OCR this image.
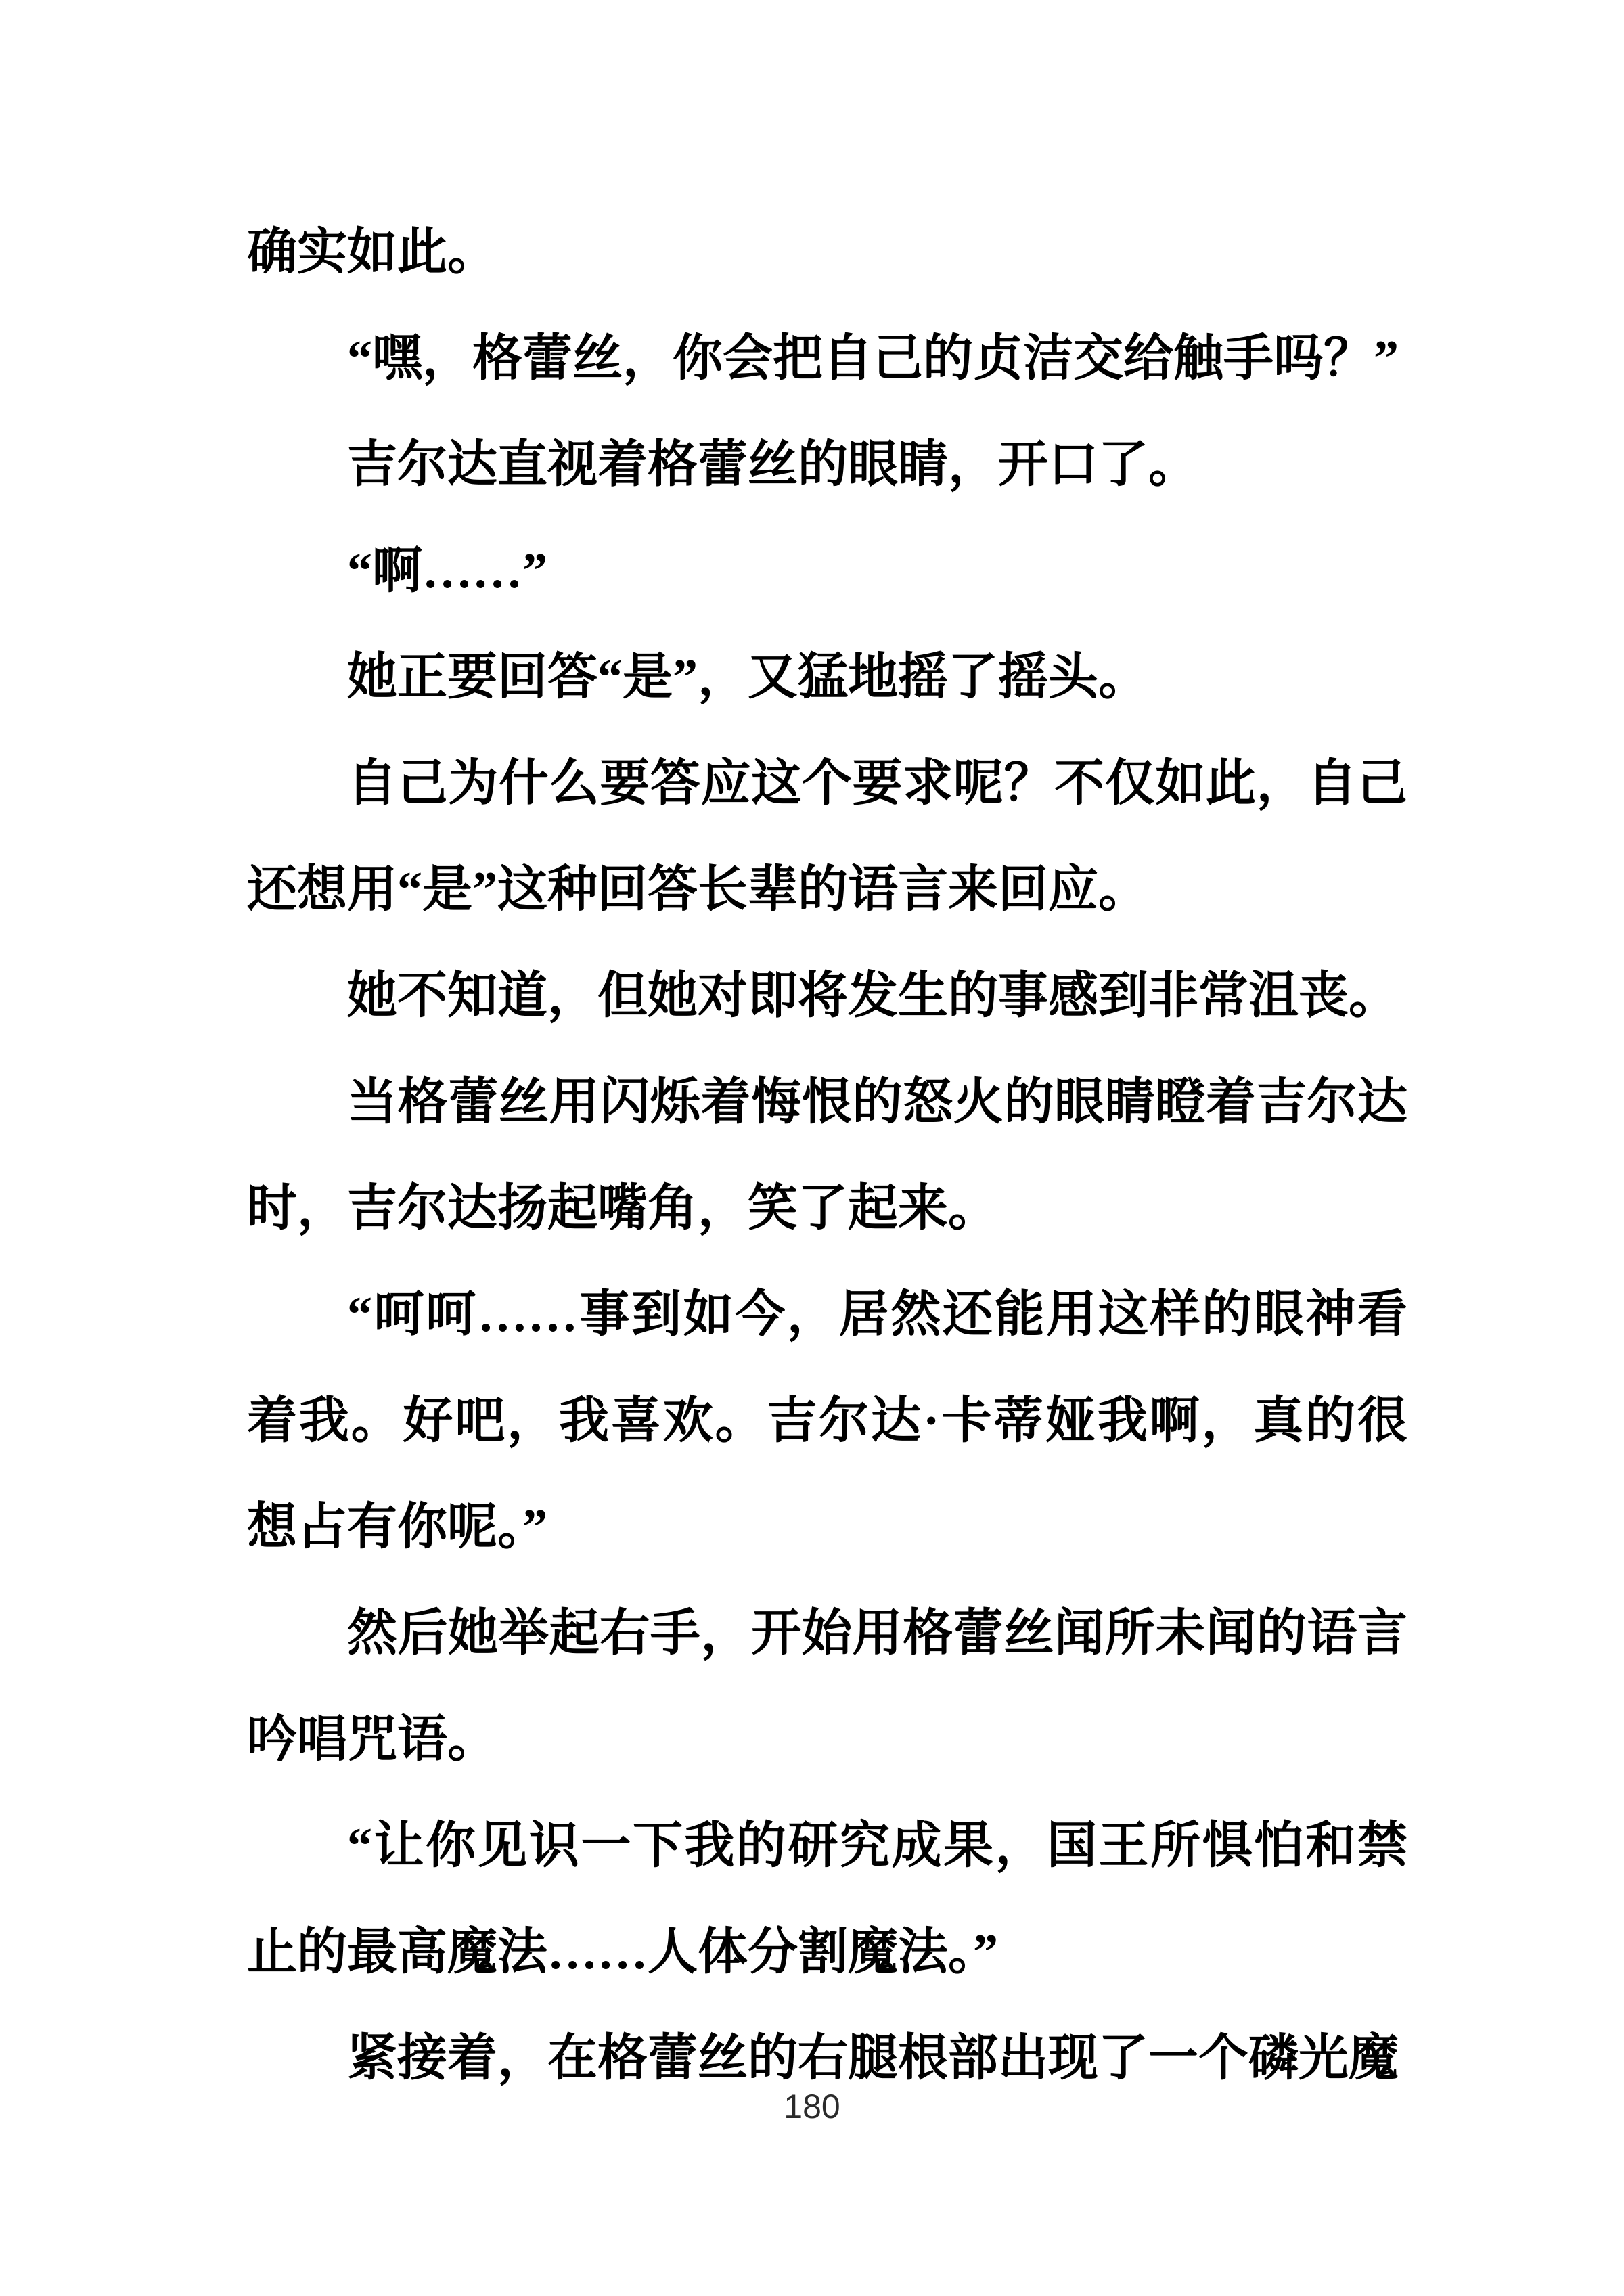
确实如此。

“嘿，格蕾丝，你会把自己的贞洁交给触手吗？”

吉尔达直视着格蕾丝的眼睛，开口了。

“啊……”

她正要回答“是”，又猛地摇了摇头。

自己为什么要答应这个要求呢？不仅如此，自己还想用“是”这种回答长辈的语言来回应。

她不知道，但她对即将发生的事感到非常沮丧。

当格蕾丝用闪烁着悔恨的怒火的眼睛瞪着吉尔达时，吉尔达扬起嘴角，笑了起来。

“呵呵……事到如今，居然还能用这样的眼神看着我。好吧，我喜欢。吉尔达·卡蒂娅我啊，真的很想占有你呢。”

然后她举起右手，开始用格蕾丝闻所未闻的语言吟唱咒语。

“让你见识一下我的研究成果，国王所惧怕和禁止的最高魔法……人体分割魔法。”

紧接着，在格蕾丝的右腿根部出现了一个磷光魔

180
